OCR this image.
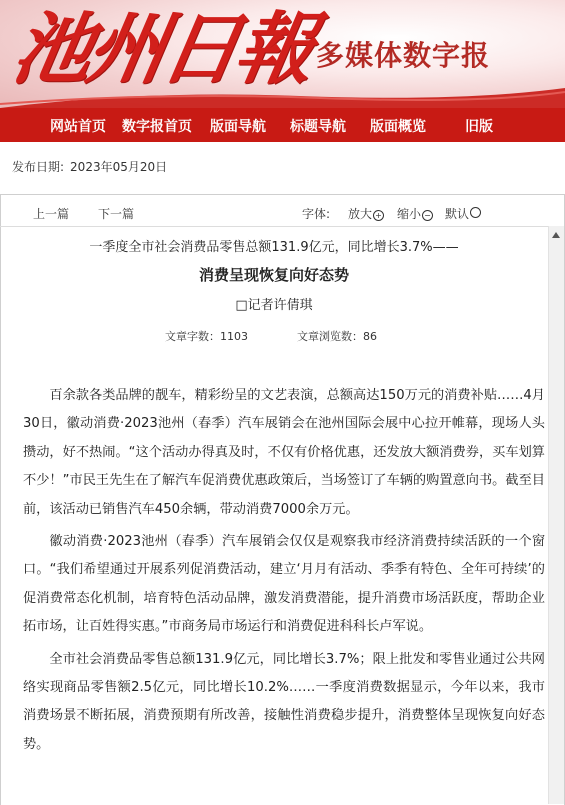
池州日報
多媒体数字报
网站首页 数字报首页 版面导航 标题导航 版面概览	旧版
发布日期: 2023年05月20日
上一篇 下一篇	字体: 放大 + 缩小 − 默认
一季度全市社会消费品零售总额131.9亿元，同比增长3.7%——
消费呈现恢复向好态势
□记者许倩琪
文章字数：1103	文章浏览数：86

百余款各类品牌的靓车，精彩纷呈的文艺表演，总额高达150万元的消费补贴……4月30日，徽动消费·2023池州（春季）汽车展销会在池州国际会展中心拉开帷幕，现场人头攒动，好不热闹。“这个活动办得真及时，不仅有价格优惠，还发放大额消费券，买车划算不少！”市民王先生在了解汽车促消费优惠政策后，当场签订了车辆的购置意向书。截至目前，该活动已销售汽车450余辆，带动消费7000余万元。

徽动消费·2023池州（春季）汽车展销会仅仅是观察我市经济消费持续活跃的一个窗口。“我们希望通过开展系列促消费活动，建立‘月月有活动、季季有特色、全年可持续’的促消费常态化机制，培育特色活动品牌，激发消费潜能，提升消费市场活跃度，帮助企业拓市场，让百姓得实惠。”市商务局市场运行和消费促进科科长卢军说。

全市社会消费品零售总额131.9亿元，同比增长3.7%；限上批发和零售业通过公共网络实现商品零售额2.5亿元，同比增长10.2%……一季度消费数据显示，今年以来，我市消费场景不断拓展，消费预期有所改善，接触性消费稳步提升，消费整体呈现恢复向好态势。
